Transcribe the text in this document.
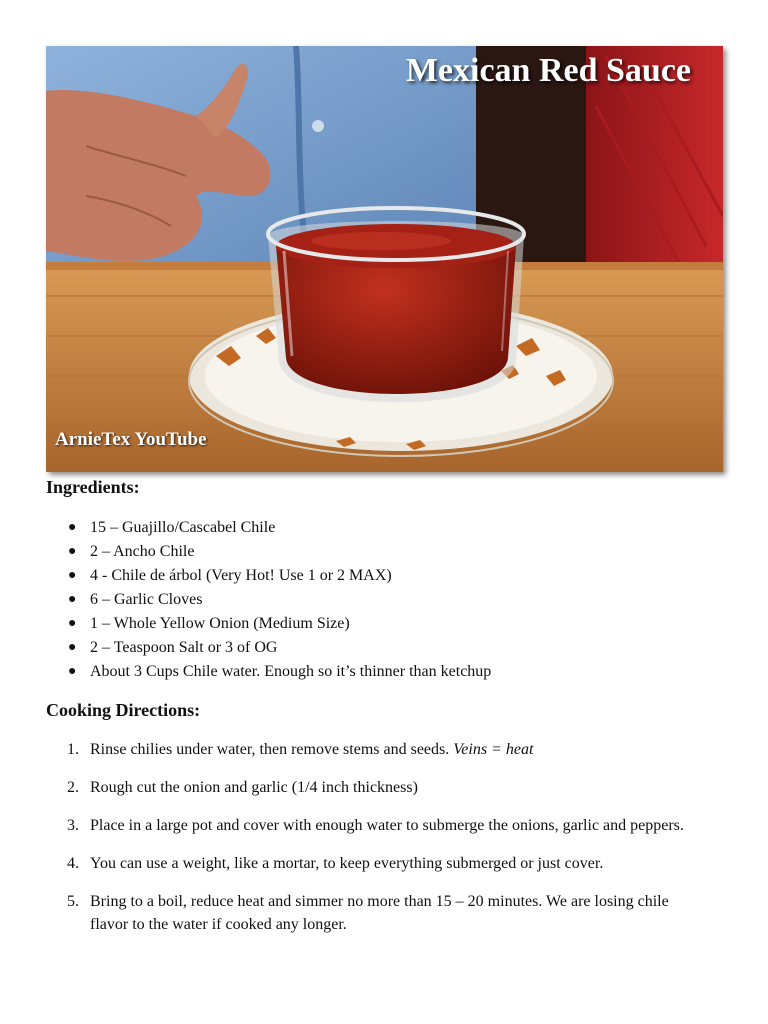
Mexican Red Sauce
ArnieTex YouTube
Ingredients:
● 15 – Guajillo/Cascabel Chile
● 2 – Ancho Chile
● 4 - Chile de árbol (Very Hot! Use 1 or 2 MAX)
● 6 – Garlic Cloves
● 1 – Whole Yellow Onion (Medium Size)
● 2 – Teaspoon Salt or 3 of OG
● About 3 Cups Chile water. Enough so it’s thinner than ketchup
Cooking Directions:
1. Rinse chilies under water, then remove stems and seeds. Veins = heat
2. Rough cut the onion and garlic (1/4 inch thickness)
3. Place in a large pot and cover with enough water to submerge the onions, garlic and peppers.
4. You can use a weight, like a mortar, to keep everything submerged or just cover.
5. Bring to a boil, reduce heat and simmer no more than 15 – 20 minutes. We are losing chile flavor to the water if cooked any longer.
